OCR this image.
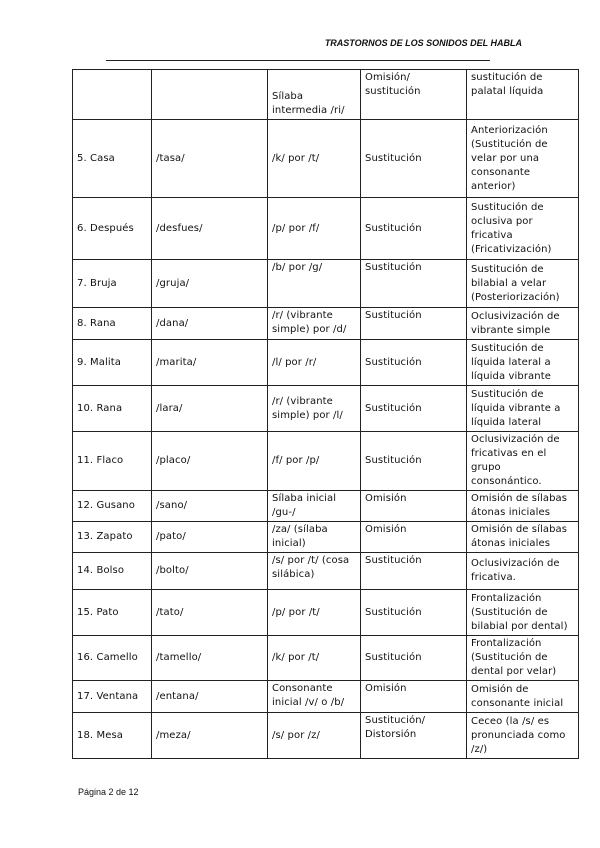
TRASTORNOS DE LOS SONIDOS DEL HABLA
		Sílaba intermedia /ri/	Omisión/ sustitución	sustitución de palatal líquida
5. Casa	/tasa/	/k/ por /t/	Sustitución	Anteriorización (Sustitución de velar por una consonante anterior)
6. Después	/desfues/	/p/ por /f/	Sustitución	Sustitución de oclusiva por fricativa (Fricativización)
7. Bruja	/gruja/	/b/ por /g/	Sustitución	Sustitución de bilabial a velar (Posteriorización)
8. Rana	/dana/	/r/ (vibrante simple) por /d/	Sustitución	Oclusivización de vibrante simple
9. Malita	/marita/	/l/ por /r/	Sustitución	Sustitución de líquida lateral a líquida vibrante
10. Rana	/lara/	/r/ (vibrante simple) por /l/	Sustitución	Sustitución de líquida vibrante a líquida lateral
11. Flaco	/placo/	/f/ por /p/	Sustitución	Oclusivización de fricativas en el grupo consonántico.
12. Gusano	/sano/	Sílaba inicial /gu-/	Omisión	Omisión de sílabas átonas iniciales
13. Zapato	/pato/	/za/ (sílaba inicial)	Omisión	Omisión de sílabas átonas iniciales
14. Bolso	/bolto/	/s/ por /t/ (cosa silábica)	Sustitución	Oclusivización de fricativa.
15. Pato	/tato/	/p/ por /t/	Sustitución	Frontalización (Sustitución de bilabial por dental)
16. Camello	/tamello/	/k/ por /t/	Sustitución	Frontalización (Sustitución de dental por velar)
17. Ventana	/entana/	Consonante inicial /v/ o /b/	Omisión	Omisión de consonante inicial
18. Mesa	/meza/	/s/ por /z/	Sustitución/ Distorsión	Ceceo (la /s/ es pronunciada como /z/)
Página 2 de 12
